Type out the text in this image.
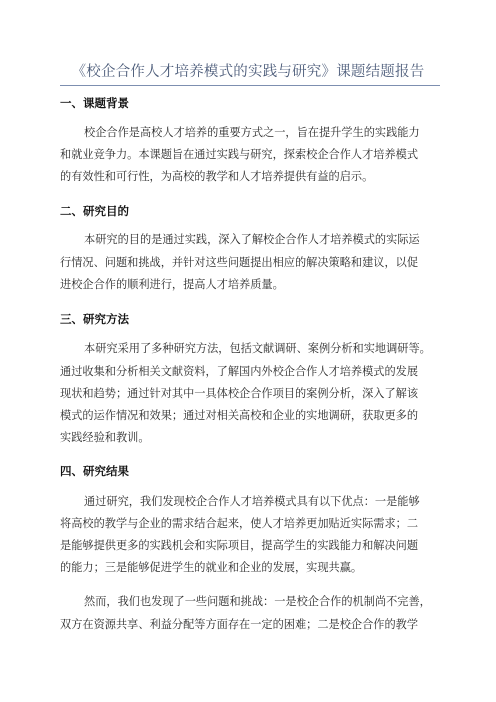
《校企合作人才培养模式的实践与研究》课题结题报告
一、课题背景
校企合作是高校人才培养的重要方式之一，旨在提升学生的实践能力
和就业竞争力。本课题旨在通过实践与研究，探索校企合作人才培养模式
的有效性和可行性，为高校的教学和人才培养提供有益的启示。
二、研究目的
本研究的目的是通过实践，深入了解校企合作人才培养模式的实际运
行情况、问题和挑战，并针对这些问题提出相应的解决策略和建议，以促
进校企合作的顺利进行，提高人才培养质量。
三、研究方法
本研究采用了多种研究方法，包括文献调研、案例分析和实地调研等。
通过收集和分析相关文献资料，了解国内外校企合作人才培养模式的发展
现状和趋势；通过针对其中一具体校企合作项目的案例分析，深入了解该
模式的运作情况和效果；通过对相关高校和企业的实地调研，获取更多的
实践经验和教训。
四、研究结果
通过研究，我们发现校企合作人才培养模式具有以下优点：一是能够
将高校的教学与企业的需求结合起来，使人才培养更加贴近实际需求；二
是能够提供更多的实践机会和实际项目，提高学生的实践能力和解决问题
的能力；三是能够促进学生的就业和企业的发展，实现共赢。
然而，我们也发现了一些问题和挑战：一是校企合作的机制尚不完善，
双方在资源共享、利益分配等方面存在一定的困难；二是校企合作的教学
